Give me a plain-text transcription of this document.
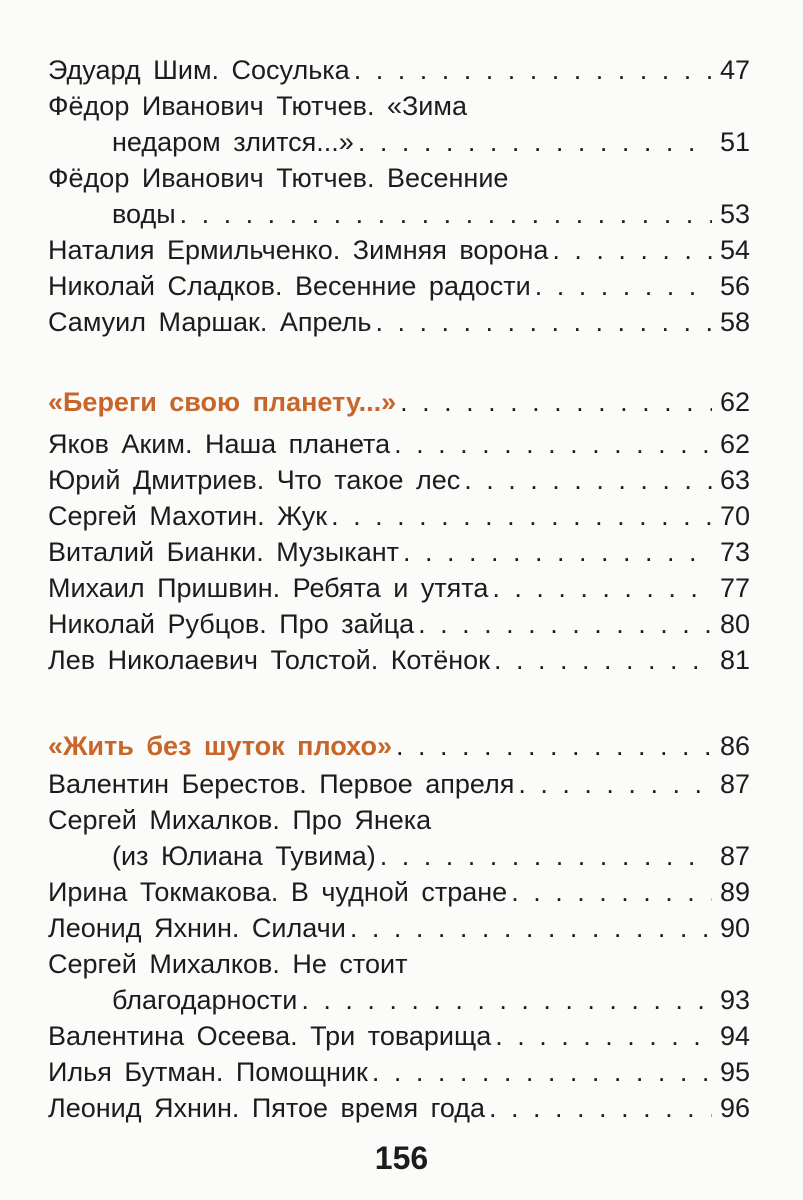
Эдуард Шим. Сосулька . . .	47
Фёдор Иванович Тютчев. «Зима
недаром злится...» . . .	51
Фёдор Иванович Тютчев. Весенние
воды . . .	53
Наталия Ермильченко. Зимняя ворона . . .	54
Николай Сладков. Весенние радости . . .	56
Самуил Маршак. Апрель . . .	58
«Береги свою планету...» . . .	62
Яков Аким. Наша планета . . .	62
Юрий Дмитриев. Что такое лес . . .	63
Сергей Махотин. Жук . . .	70
Виталий Бианки. Музыкант . . .	73
Михаил Пришвин. Ребята и утята . . .	77
Николай Рубцов. Про зайца . . .	80
Лев Николаевич Толстой. Котёнок . . .	81
«Жить без шуток плохо» . . .	86
Валентин Берестов. Первое апреля . . .	87
Сергей Михалков. Про Янека
(из Юлиана Тувима) . . .	87
Ирина Токмакова. В чудной стране . . .	89
Леонид Яхнин. Силачи . . .	90
Сергей Михалков. Не стоит
благодарности . . .	93
Валентина Осеева. Три товарища . . .	94
Илья Бутман. Помощник . . .	95
Леонид Яхнин. Пятое время года . . .	96
156
